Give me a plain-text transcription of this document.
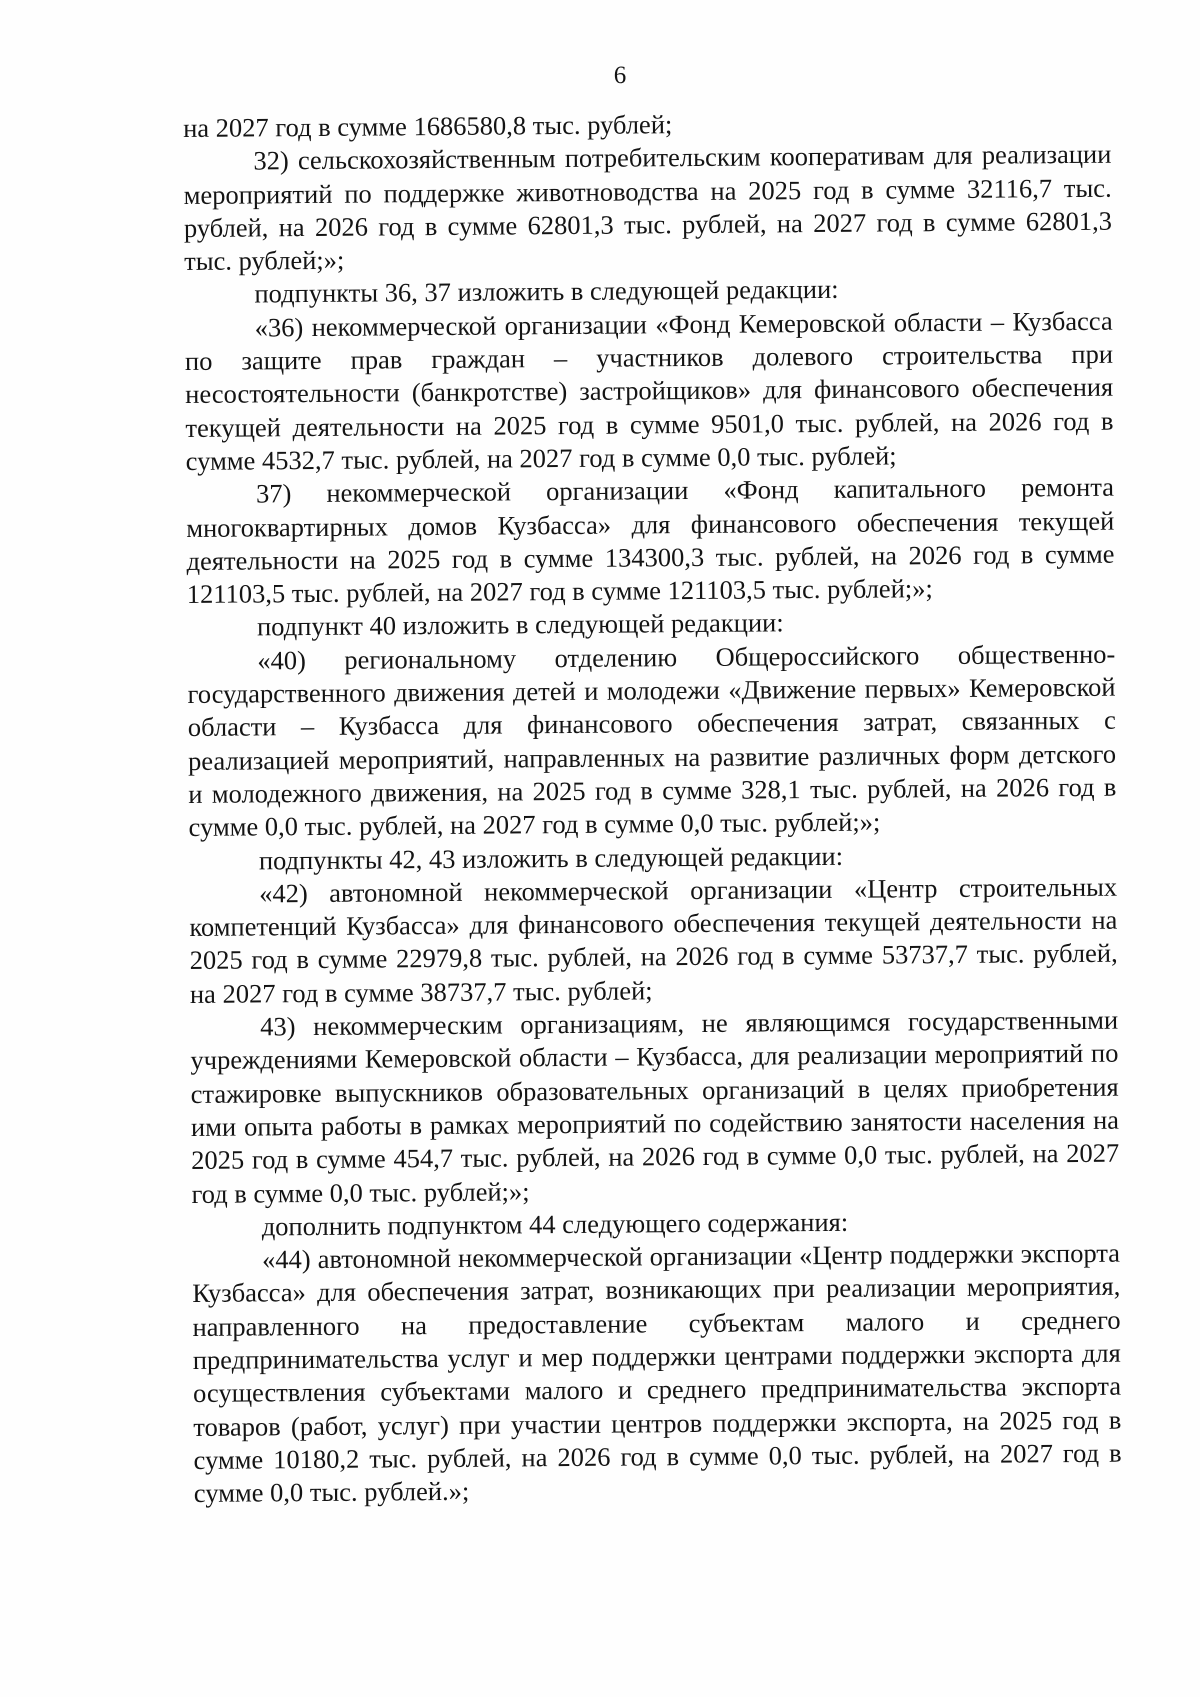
6

на 2027 год в сумме 1686580,8 тыс. рублей;

32) сельскохозяйственным потребительским кооперативам для реализации мероприятий по поддержке животноводства на 2025 год в сумме 32116,7 тыс. рублей, на 2026 год в сумме 62801,3 тыс. рублей, на 2027 год в сумме 62801,3 тыс. рублей;»;

подпункты 36, 37 изложить в следующей редакции:

«36) некоммерческой организации «Фонд Кемеровской области – Кузбасса по защите прав граждан – участников долевого строительства при несостоятельности (банкротстве) застройщиков» для финансового обеспечения текущей деятельности на 2025 год в сумме 9501,0 тыс. рублей, на 2026 год в сумме 4532,7 тыс. рублей, на 2027 год в сумме 0,0 тыс. рублей;

37) некоммерческой организации «Фонд капитального ремонта многоквартирных домов Кузбасса» для финансового обеспечения текущей деятельности на 2025 год в сумме 134300,3 тыс. рублей, на 2026 год в сумме 121103,5 тыс. рублей, на 2027 год в сумме 121103,5 тыс. рублей;»;

подпункт 40 изложить в следующей редакции:

«40) региональному отделению Общероссийского общественно-государственного движения детей и молодежи «Движение первых» Кемеровской области – Кузбасса для финансового обеспечения затрат, связанных с реализацией мероприятий, направленных на развитие различных форм детского и молодежного движения, на 2025 год в сумме 328,1 тыс. рублей, на 2026 год в сумме 0,0 тыс. рублей, на 2027 год в сумме 0,0 тыс. рублей;»;

подпункты 42, 43 изложить в следующей редакции:

«42) автономной некоммерческой организации «Центр строительных компетенций Кузбасса» для финансового обеспечения текущей деятельности на 2025 год в сумме 22979,8 тыс. рублей, на 2026 год в сумме 53737,7 тыс. рублей, на 2027 год в сумме 38737,7 тыс. рублей;

43) некоммерческим организациям, не являющимся государственными учреждениями Кемеровской области – Кузбасса, для реализации мероприятий по стажировке выпускников образовательных организаций в целях приобретения ими опыта работы в рамках мероприятий по содействию занятости населения на 2025 год в сумме 454,7 тыс. рублей, на 2026 год в сумме 0,0 тыс. рублей, на 2027 год в сумме 0,0 тыс. рублей;»;

дополнить подпунктом 44 следующего содержания:

«44) автономной некоммерческой организации «Центр поддержки экспорта Кузбасса» для обеспечения затрат, возникающих при реализации мероприятия, направленного на предоставление субъектам малого и среднего предпринимательства услуг и мер поддержки центрами поддержки экспорта для осуществления субъектами малого и среднего предпринимательства экспорта товаров (работ, услуг) при участии центров поддержки экспорта, на 2025 год в сумме 10180,2 тыс. рублей, на 2026 год в сумме 0,0 тыс. рублей, на 2027 год в сумме 0,0 тыс. рублей.»;
